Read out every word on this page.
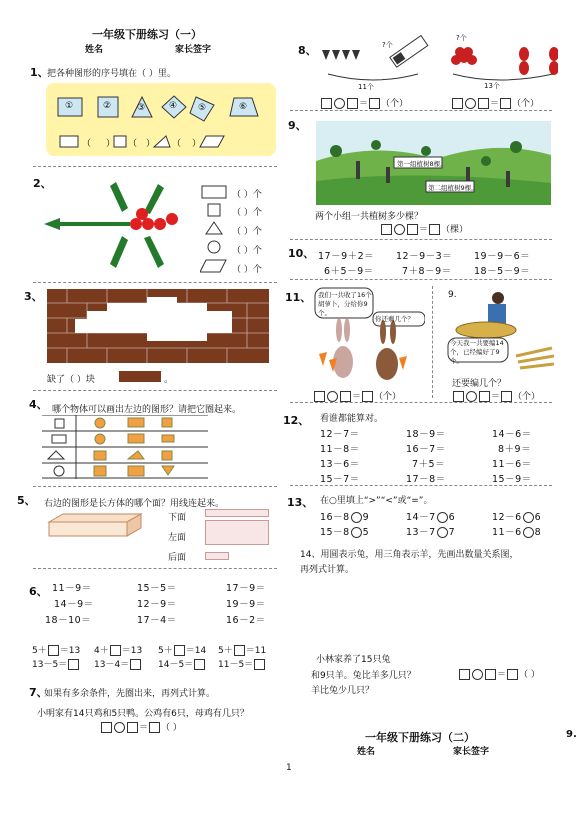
一年级下册练习（一）
姓名	家长签字
1、
把各种图形的序号填在（ ）里。
①	②	③	④ ⑤	⑥
（ ） （ ） （ ）
2、
（ ）个
（ ）个
（ ）个
（ ）个
（ ）个
3、
缺了（ ）块	。
4、 哪个物体可以画出左边的图形？请把它圈起来。
5、 右边的图形是长方体的哪个面？用线连起来。
下面
左面
后面
6、 11－9＝	15－5＝	17－9＝
14－9＝	12－9＝	19－9＝
18－10＝	17－4＝	16－2＝
5＋ ＝13 4＋ ＝13 5＋ ＝14 5＋ ＝11
13－5＝	13－4＝	14－5＝	11－5＝
7、
如果有多余条件，先圈出来，再列式计算。
小明家有14只鸡和5只鸭。公鸡有6只，母鸡有几只？
＝ （ ）
8、	?个
?个
11个	13个
＝ （个）	＝ （个）
9、
第一组植树8棵。
第二组植树9棵。
两个小组一共植树多少棵？
＝ （棵）
10、 17－9＋2＝ 12－9－3＝ 19－9－6＝
6＋5－9＝	7＋8－9＝ 18－5－9＝
11、 我们一共收了16个胡萝卜，分给你9个。
你还剩几个？
＝ （个）
9.
今天我一共要编14个，已经编好了9个。
还要编几个？
＝ （个）
12、 看谁都能算对。
12－7＝	18－9＝	14－6＝
11－8＝	16－7＝	8＋9＝
13－6＝	7＋5＝	11－6＝
15－7＝	17－8＝	15－9＝
13、 在○里填上“>”“<”或“=”。
16－8 9	14－7 6	12－6 6
15－8 5	13－7 7	11－6 8
14、用圆表示兔，用三角表示羊，先画出数量关系图，
再列式计算。
小林家养了15只兔
和9只羊。兔比羊多几只？
羊比兔少几只？
＝ （ ）
一年级下册练习（二）
姓名	家长签字
9.
1
